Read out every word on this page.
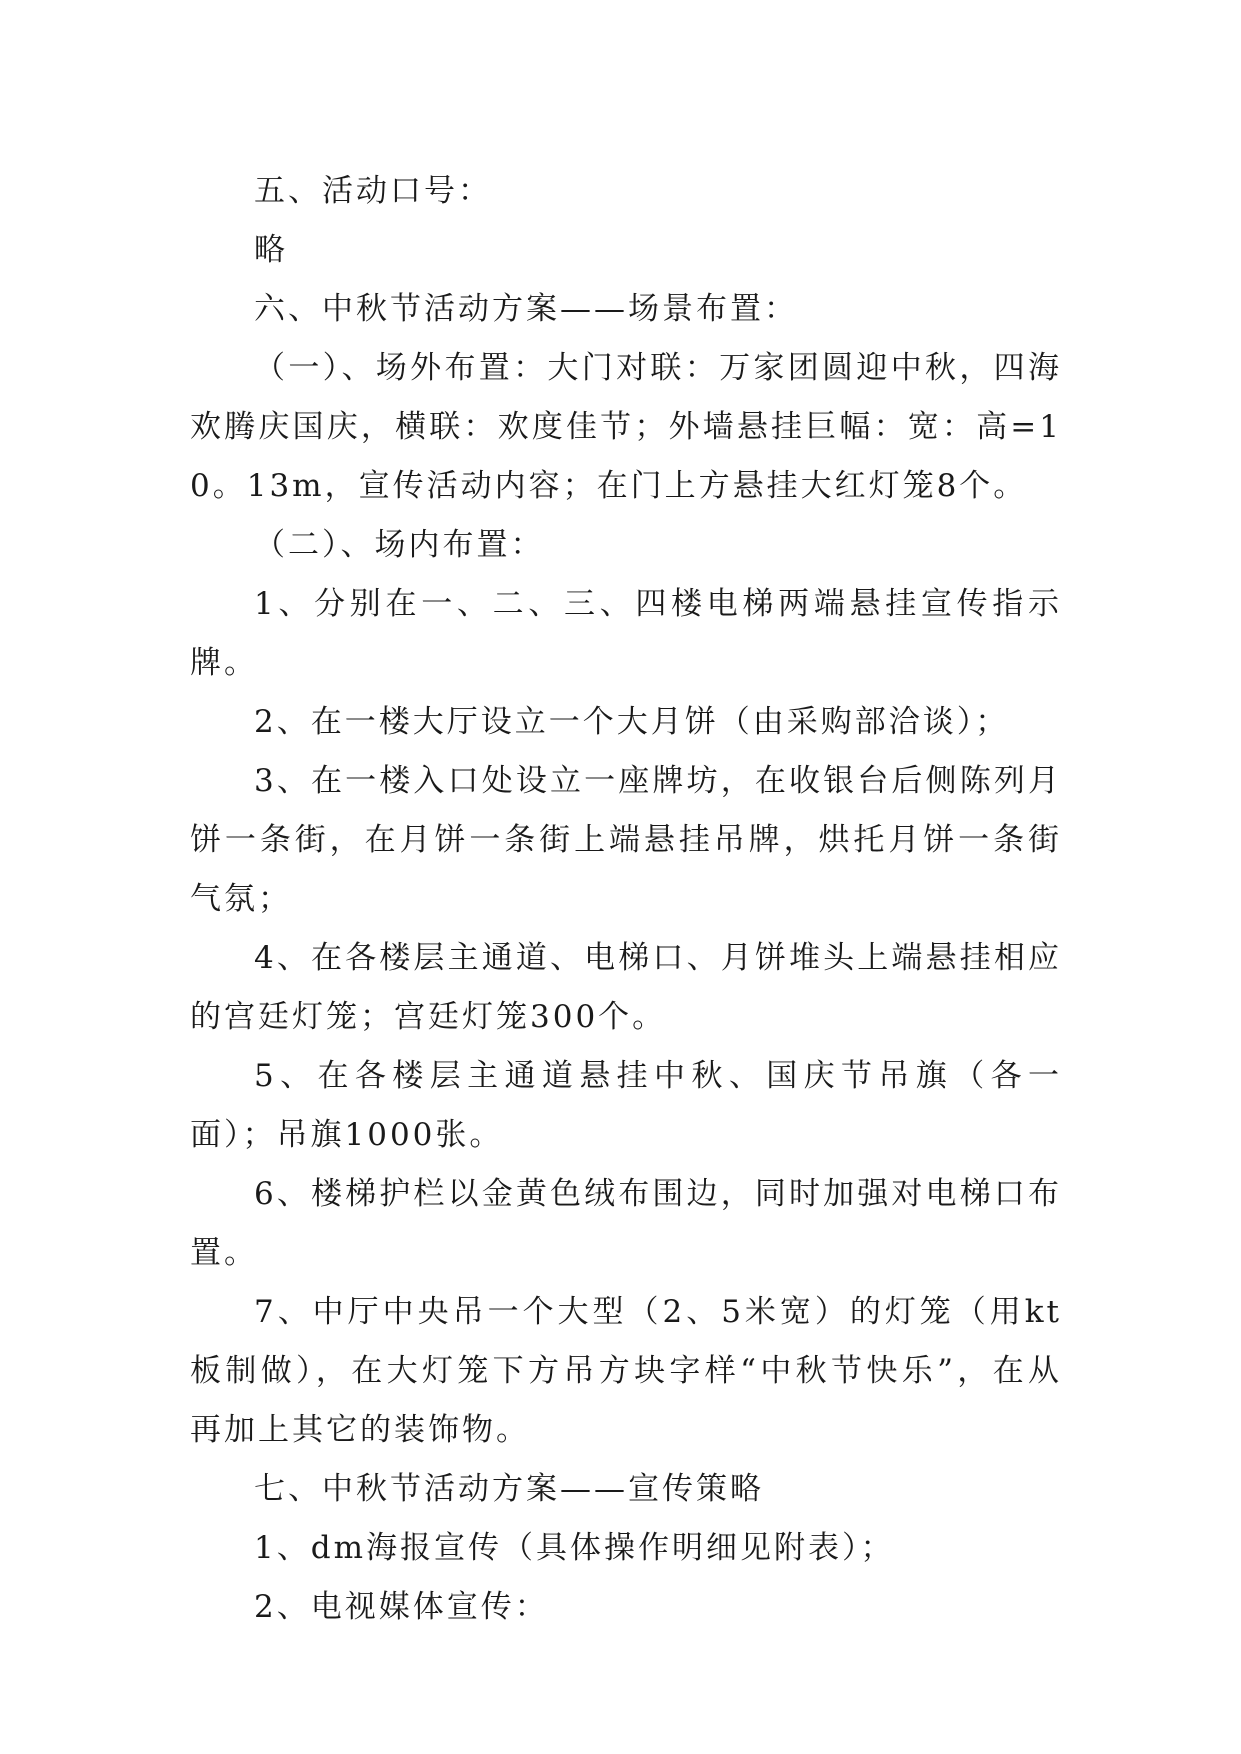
五、活动口号：

略

六、中秋节活动方案——场景布置：

（一）、场外布置：大门对联：万家团圆迎中秋，四海欢腾庆国庆，横联：欢度佳节；外墙悬挂巨幅：宽：高=10。13m，宣传活动内容；在门上方悬挂大红灯笼8个。

（二）、场内布置：

1、分别在一、二、三、四楼电梯两端悬挂宣传指示牌。

2、在一楼大厅设立一个大月饼（由采购部洽谈）；

3、在一楼入口处设立一座牌坊，在收银台后侧陈列月饼一条街，在月饼一条街上端悬挂吊牌，烘托月饼一条街气氛；

4、在各楼层主通道、电梯口、月饼堆头上端悬挂相应的宫廷灯笼；宫廷灯笼300个。

5、在各楼层主通道悬挂中秋、国庆节吊旗（各一面）；吊旗1000张。

6、楼梯护栏以金黄色绒布围边，同时加强对电梯口布置。

7、中厅中央吊一个大型（2、5米宽）的灯笼（用kt板制做），在大灯笼下方吊方块字样“中秋节快乐”，在从再加上其它的装饰物。

七、中秋节活动方案——宣传策略

1、dm海报宣传（具体操作明细见附表）；

2、电视媒体宣传：
